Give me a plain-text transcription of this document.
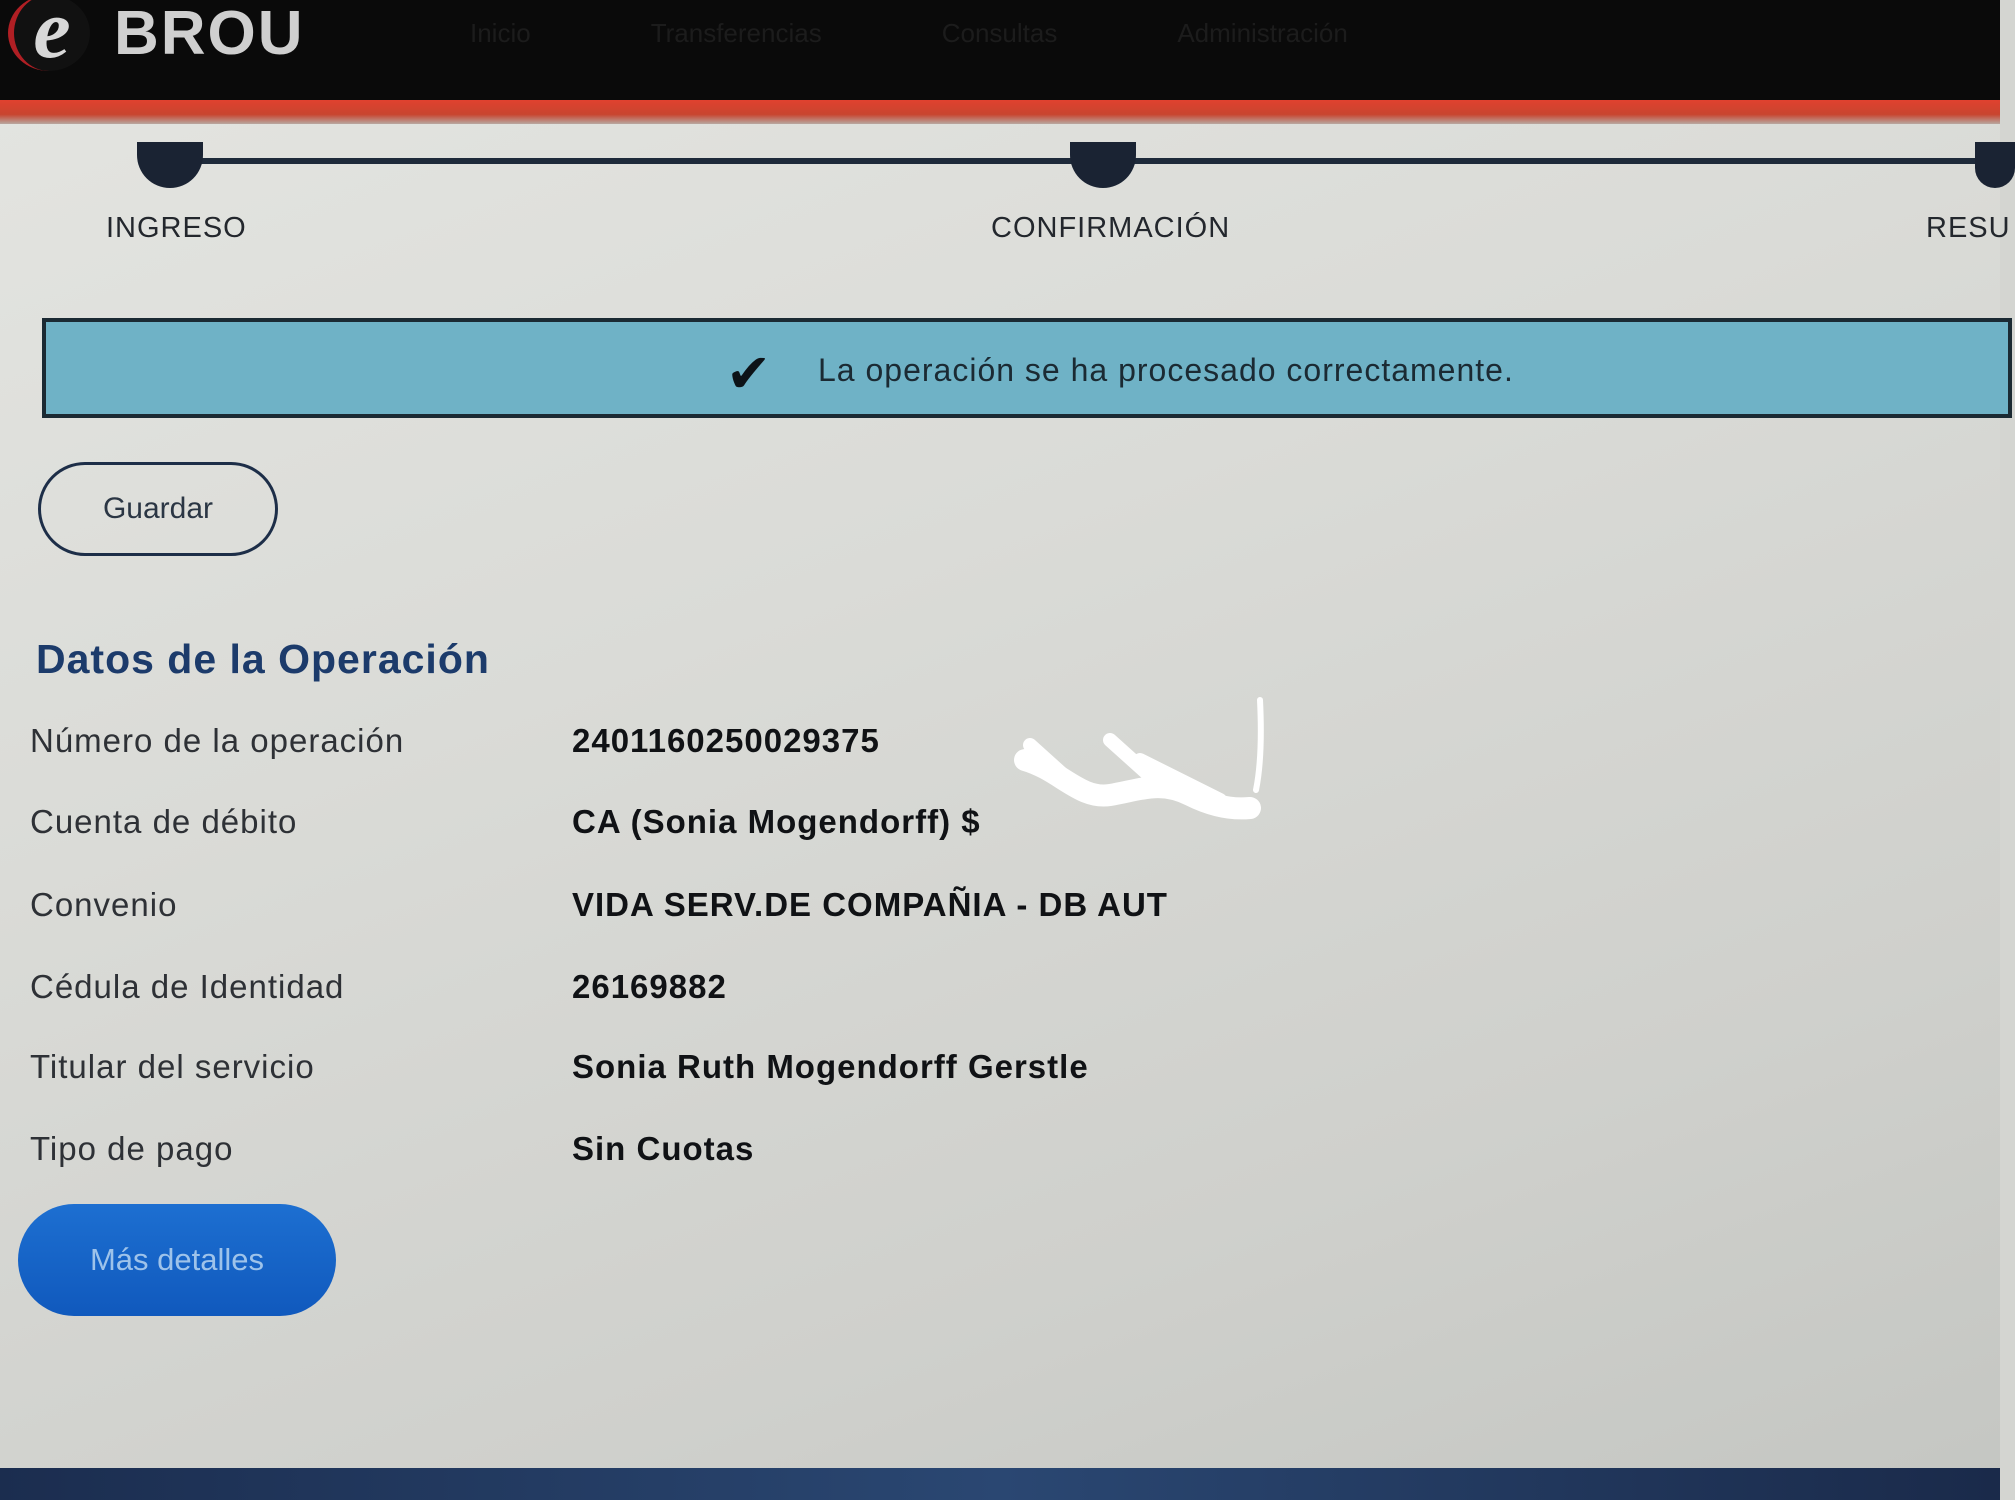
e BROU	Inicio	Transferencias	Consultas	Administración
INGRESO	CONFIRMACIÓN	RESU
✔ La operación se ha procesado correctamente.
Guardar
Datos de la Operación
Número de la operación	2401160250029375
Cuenta de débito	CA (Sonia Mogendorff) $
Convenio	VIDA SERV.DE COMPAÑIA - DB AUT
Cédula de Identidad	26169882
Titular del servicio	Sonia Ruth Mogendorff Gerstle
Tipo de pago	Sin Cuotas
Más detalles
